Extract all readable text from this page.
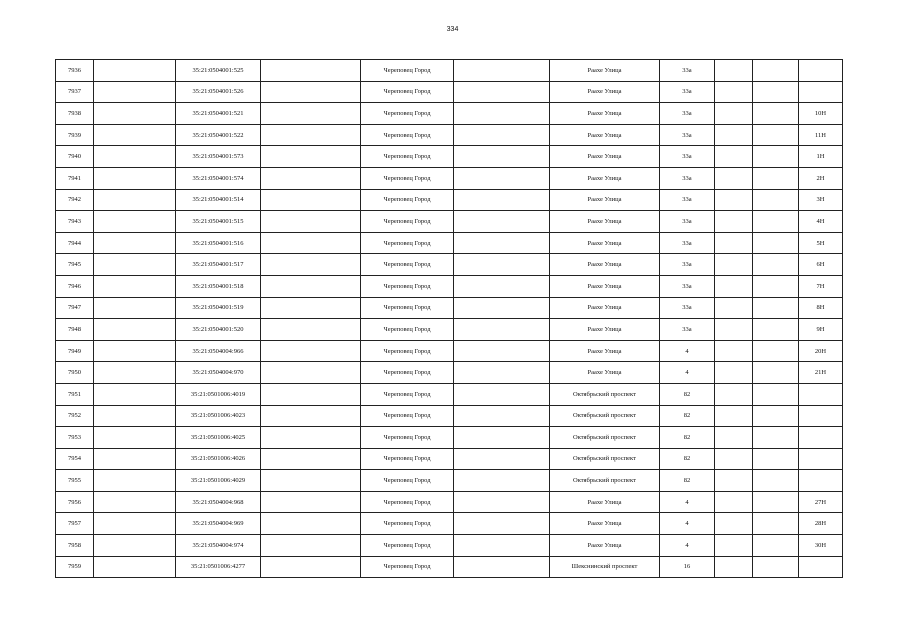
334
7936		35:21:0504001:525		Череповец Город		Раахе Улица	33а			
7937		35:21:0504001:526		Череповец Город		Раахе Улица	33а			
7938		35:21:0504001:521		Череповец Город		Раахе Улица	33а			10Н
7939		35:21:0504001:522		Череповец Город		Раахе Улица	33а			11Н
7940		35:21:0504001:573		Череповец Город		Раахе Улица	33а			1Н
7941		35:21:0504001:574		Череповец Город		Раахе Улица	33а			2Н
7942		35:21:0504001:514		Череповец Город		Раахе Улица	33а			3Н
7943		35:21:0504001:515		Череповец Город		Раахе Улица	33а			4Н
7944		35:21:0504001:516		Череповец Город		Раахе Улица	33а			5Н
7945		35:21:0504001:517		Череповец Город		Раахе Улица	33а			6Н
7946		35:21:0504001:518		Череповец Город		Раахе Улица	33а			7Н
7947		35:21:0504001:519		Череповец Город		Раахе Улица	33а			8Н
7948		35:21:0504001:520		Череповец Город		Раахе Улица	33а			9Н
7949		35:21:0504004:966		Череповец Город		Раахе Улица	4			20Н
7950		35:21:0504004:970		Череповец Город		Раахе Улица	4			21Н
7951		35:21:0501006:4019		Череповец Город		Октябрьский проспект	82			
7952		35:21:0501006:4023		Череповец Город		Октябрьский проспект	82			
7953		35:21:0501006:4025		Череповец Город		Октябрьский проспект	82			
7954		35:21:0501006:4026		Череповец Город		Октябрьский проспект	82			
7955		35:21:0501006:4029		Череповец Город		Октябрьский проспект	82			
7956		35:21:0504004:968		Череповец Город		Раахе Улица	4			27Н
7957		35:21:0504004:969		Череповец Город		Раахе Улица	4			28Н
7958		35:21:0504004:974		Череповец Город		Раахе Улица	4			30Н
7959		35:21:0501006:4277		Череповец Город		Шекснинский проспект	16			
